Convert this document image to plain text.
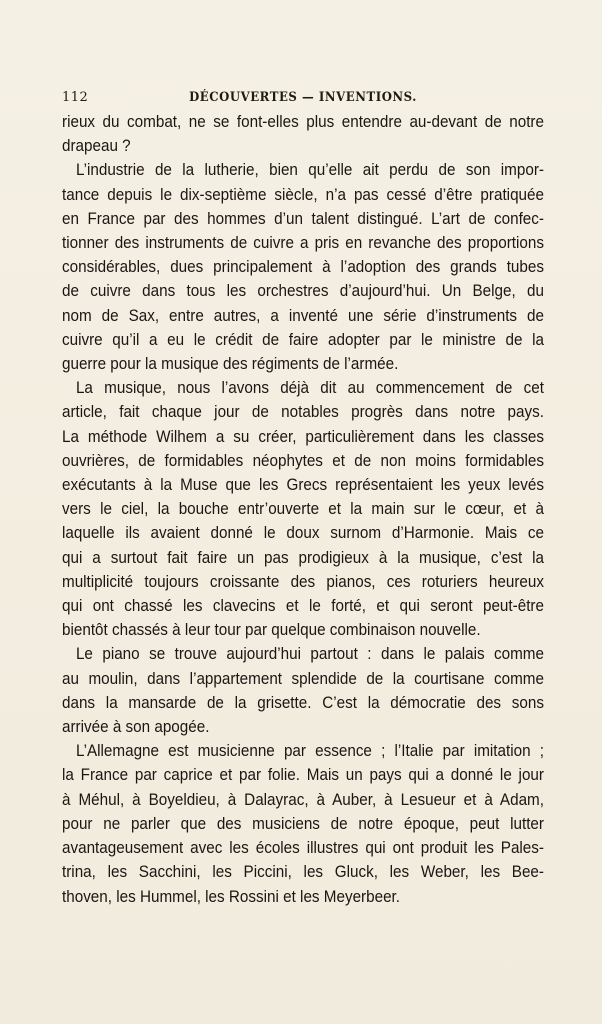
112	DÉCOUVERTES — INVENTIONS.
rieux du combat, ne se font-elles plus entendre au-devant de notre
drapeau ?
L’industrie de la lutherie, bien qu’elle ait perdu de son impor-
tance depuis le dix-septième siècle, n’a pas cessé d’être pratiquée
en France par des hommes d’un talent distingué. L’art de confec-
tionner des instruments de cuivre a pris en revanche des proportions
considérables, dues principalement à l’adoption des grands tubes
de cuivre dans tous les orchestres d’aujourd’hui. Un Belge, du
nom de Sax, entre autres, a inventé une série d’instruments de
cuivre qu’il a eu le crédit de faire adopter par le ministre de la
guerre pour la musique des régiments de l’armée.
La musique, nous l’avons déjà dit au commencement de cet
article, fait chaque jour de notables progrès dans notre pays.
La méthode Wilhem a su créer, particulièrement dans les classes
ouvrières, de formidables néophytes et de non moins formidables
exécutants à la Muse que les Grecs représentaient les yeux levés
vers le ciel, la bouche entr’ouverte et la main sur le cœur, et à
laquelle ils avaient donné le doux surnom d’Harmonie. Mais ce
qui a surtout fait faire un pas prodigieux à la musique, c’est la
multiplicité toujours croissante des pianos, ces roturiers heureux
qui ont chassé les clavecins et le forté, et qui seront peut-être
bientôt chassés à leur tour par quelque combinaison nouvelle.
Le piano se trouve aujourd’hui partout : dans le palais comme
au moulin, dans l’appartement splendide de la courtisane comme
dans la mansarde de la grisette. C’est la démocratie des sons
arrivée à son apogée.
L’Allemagne est musicienne par essence ; l’Italie par imitation ;
la France par caprice et par folie. Mais un pays qui a donné le jour
à Méhul, à Boyeldieu, à Dalayrac, à Auber, à Lesueur et à Adam,
pour ne parler que des musiciens de notre époque, peut lutter
avantageusement avec les écoles illustres qui ont produit les Pales-
trina, les Sacchini, les Piccini, les Gluck, les Weber, les Bee-
thoven, les Hummel, les Rossini et les Meyerbeer.
